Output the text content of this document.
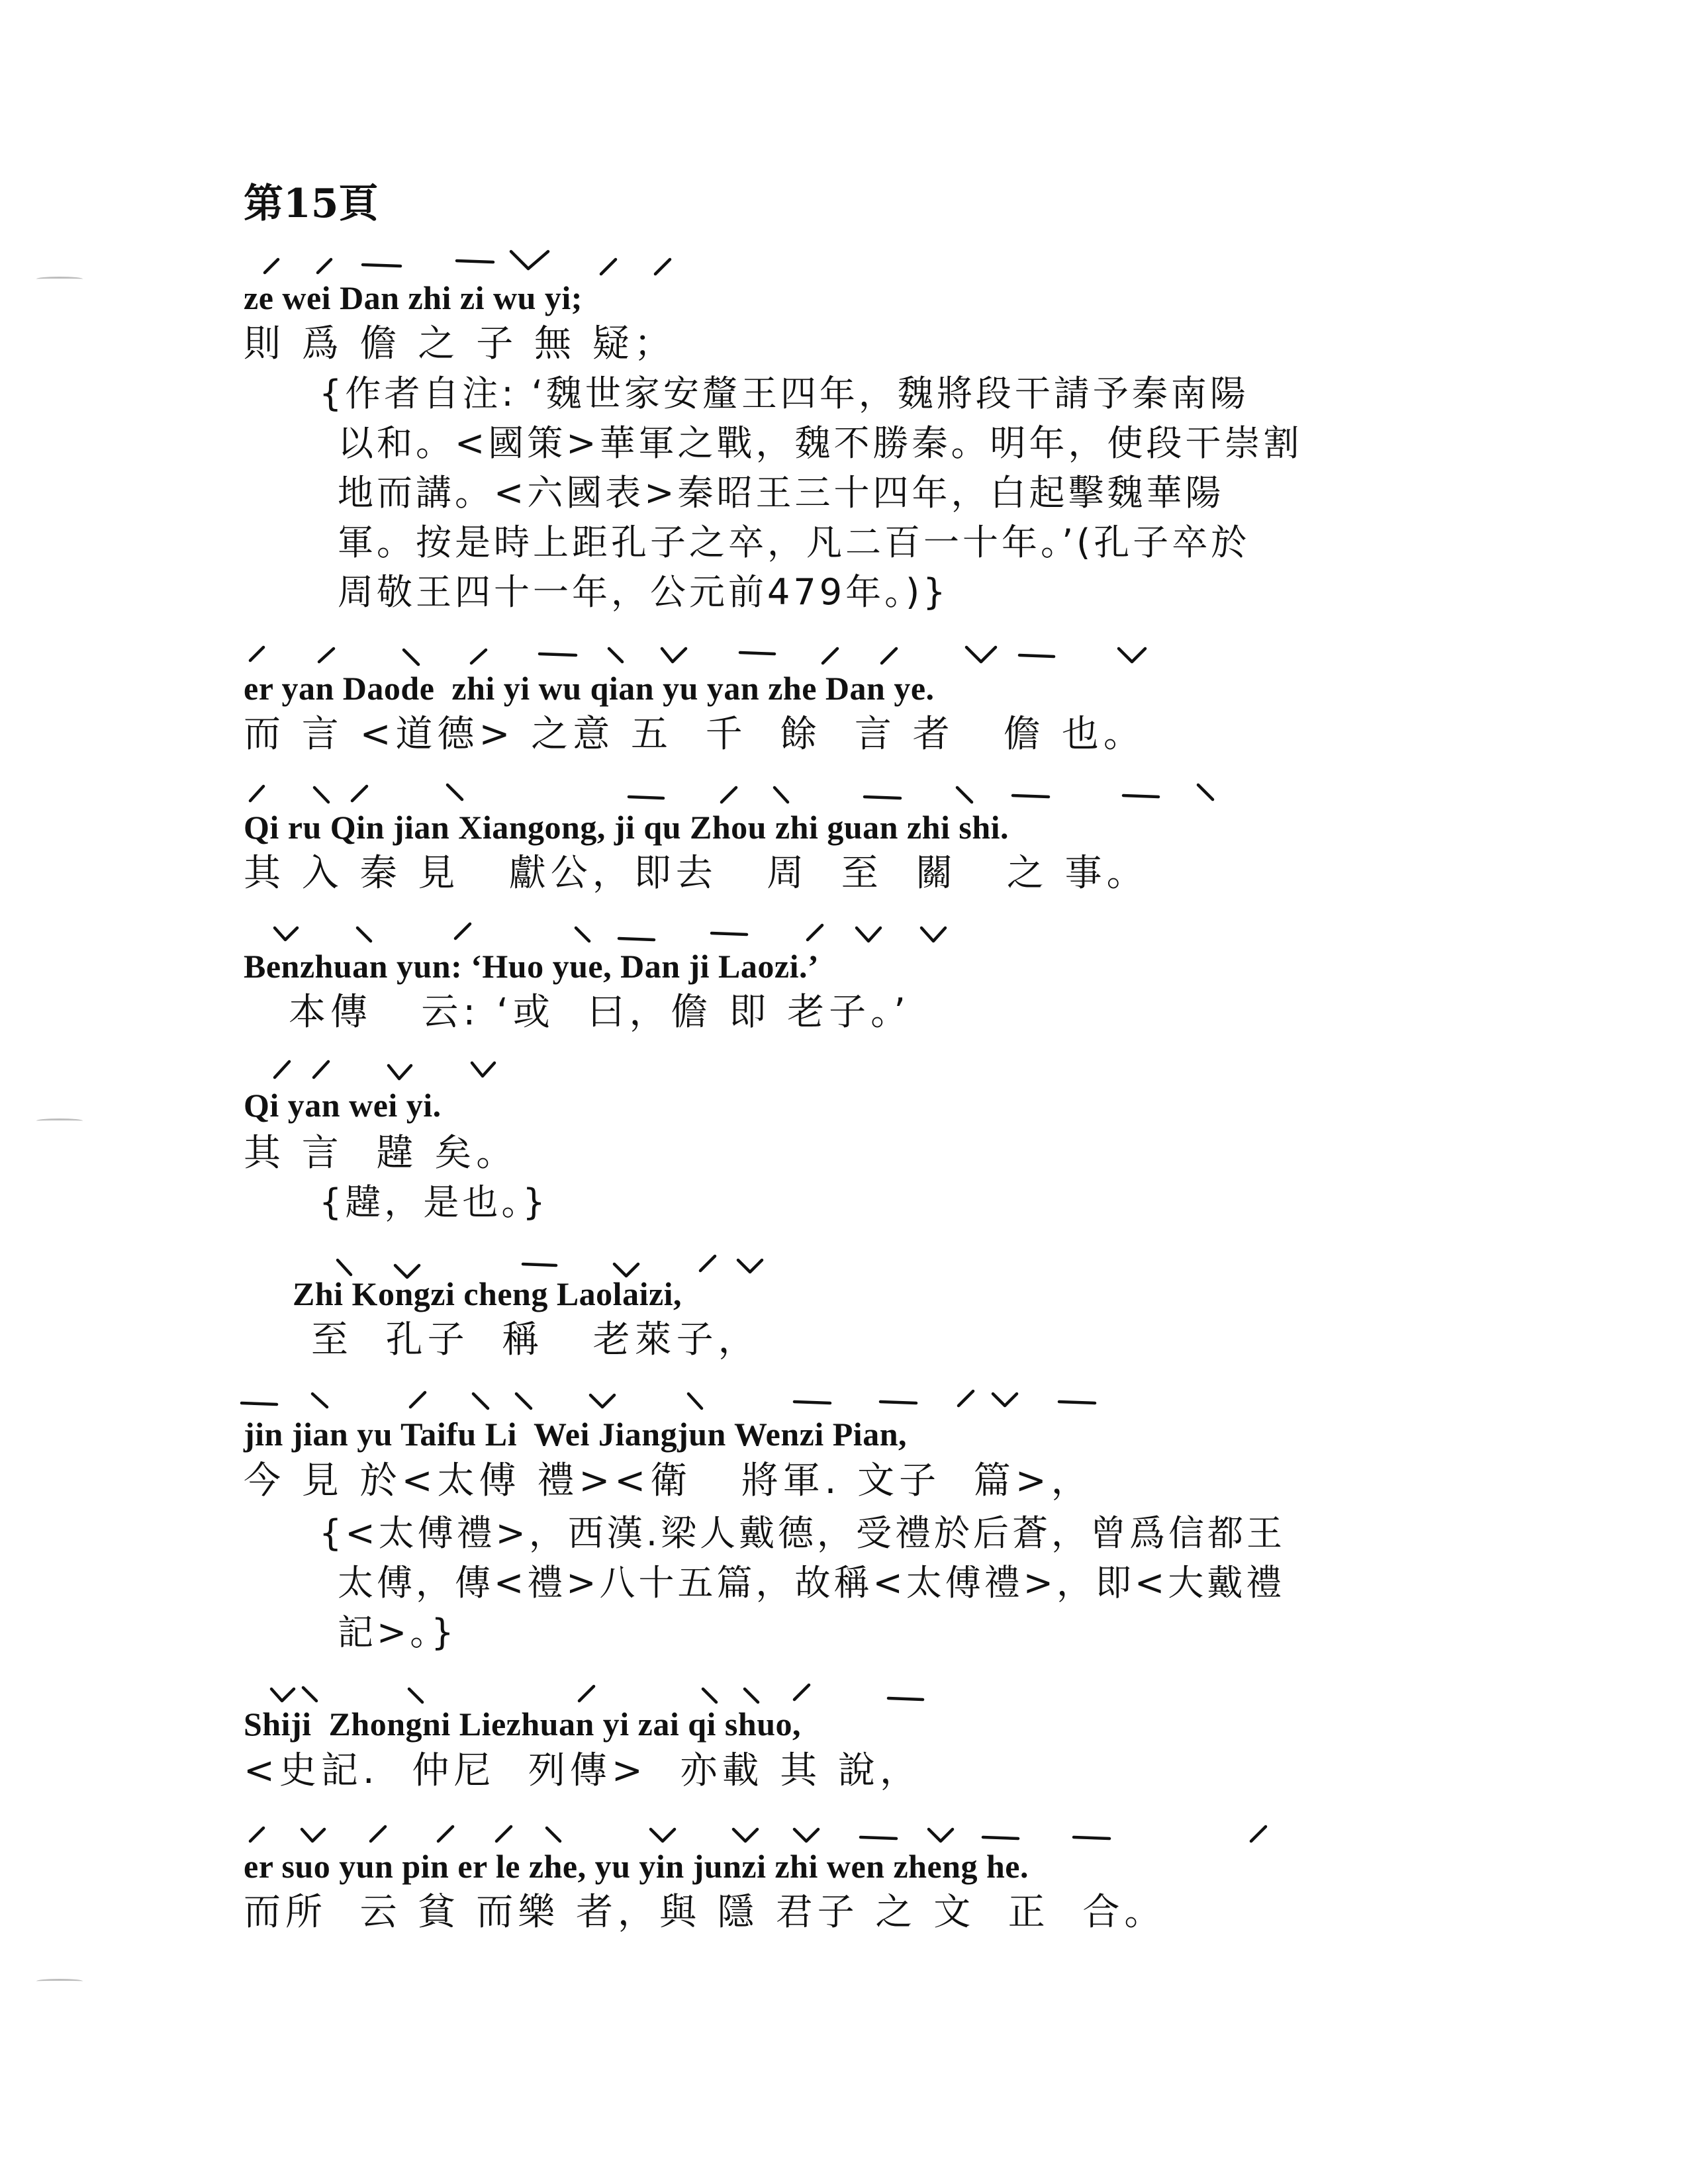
第15頁
ze wei Dan zhi zi wu yi;
則 爲 儋 之 子 無 疑；
{作者自注: ‘魏世家安釐王四年，魏將段干請予秦南陽
以和。<國策>華軍之戰，魏不勝秦。明年，使段干崇割
地而講。<六國表>秦昭王三十四年，白起擊魏華陽
軍。按是時上距孔子之卒，凡二百一十年。’(孔子卒於
周敬王四十一年，公元前479年。)}
er yan Daode  zhi yi wu qian yu yan zhe Dan ye.
而 言 <道德> 之意 五  千  餘  言 者   儋 也。
Qi ru Qin jian Xiangong, ji qu Zhou zhi guan zhi shi.
其 入 秦 見   獻公，即去   周  至  關   之 事。
Benzhuan yun: ‘Huo yue, Dan ji Laozi.’
本傳   云: ‘或  曰，儋 即 老子。’
Qi yan wei yi.
其 言  韙 矣。
{韙，是也。}
Zhi Kongzi cheng Laolaizi,
至  孔子  稱   老萊子，
jin jian yu Taifu Li  Wei Jiangjun Wenzi Pian,
今 見 於<太傅 禮><衛   將軍. 文子  篇>，
{<太傅禮>，西漢.梁人戴德，受禮於后蒼，曾爲信都王
太傅，傳<禮>八十五篇，故稱<太傅禮>，即<大戴禮
記>。}
Shiji  Zhongni Liezhuan yi zai qi shuo,
<史記.  仲尼  列傳>  亦載 其 說，
er suo yun pin er le zhe, yu yin junzi zhi wen zheng he.
而所  云 貧 而樂 者，與 隱 君子 之 文  正  合。
